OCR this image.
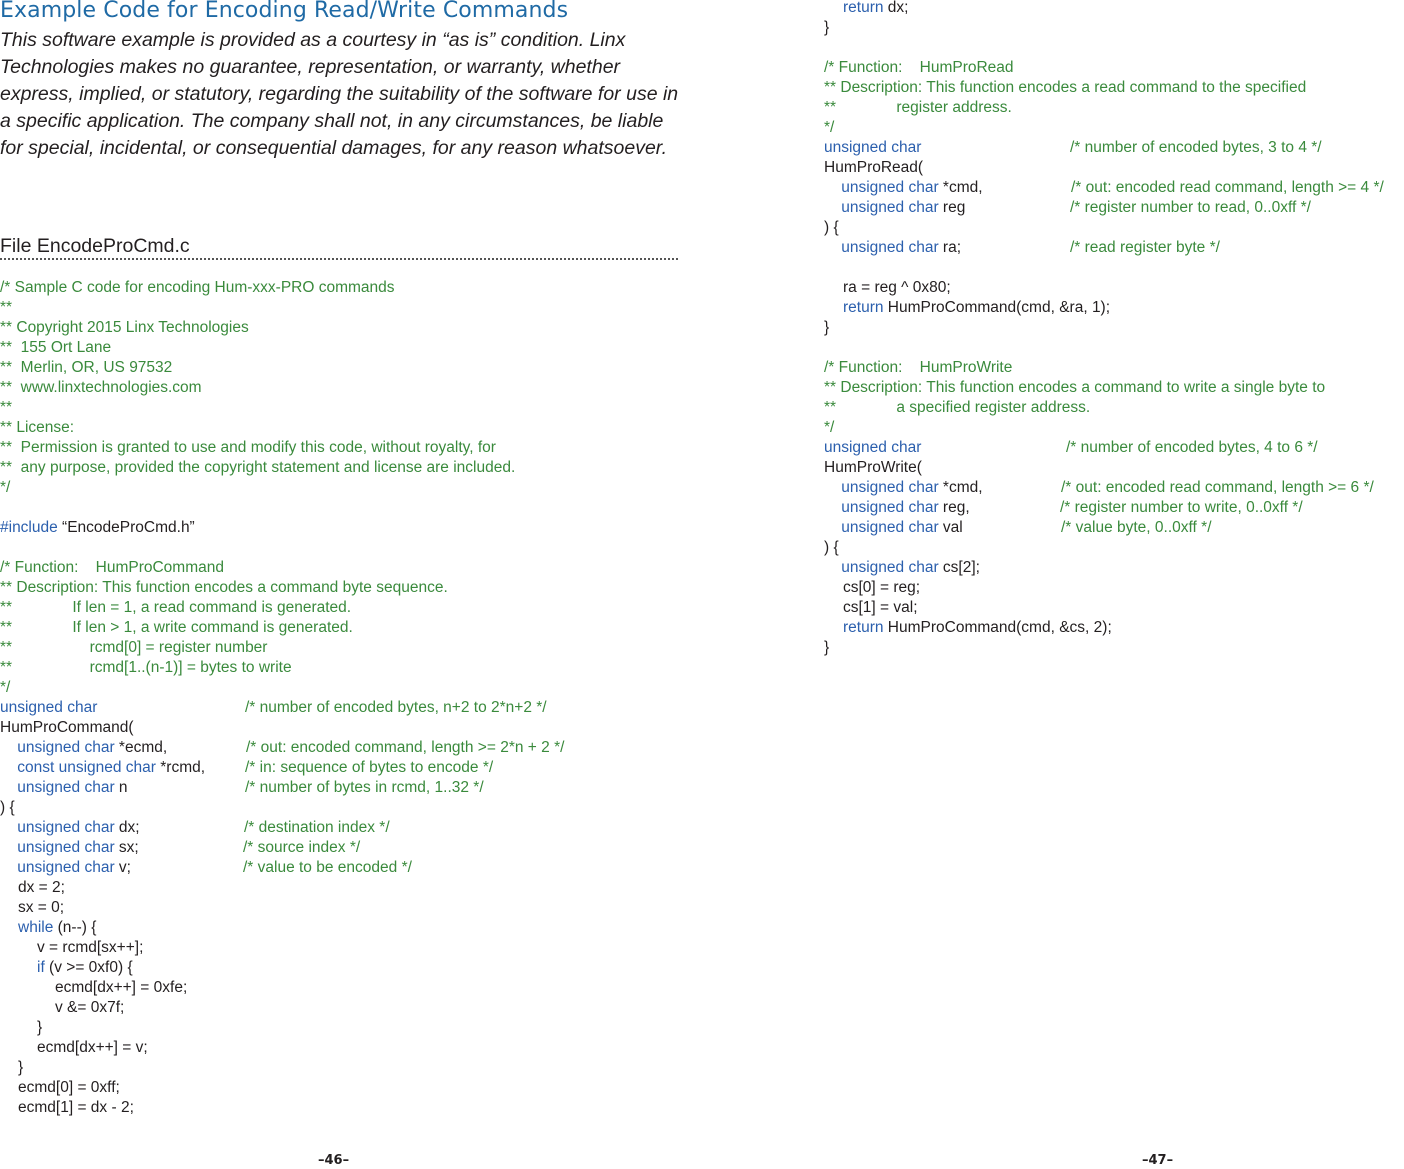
Example Code for Encoding Read/Write Commands

This software example is provided as a courtesy in “as is” condition. Linx Technologies makes no guarantee, representation, or warranty, whether express, implied, or statutory, regarding the suitability of the software for use in a specific application. The company shall not, in any circumstances, be liable for special, incidental, or consequential damages, for any reason whatsoever.

File EncodeProCmd.c
/* Sample C code for encoding Hum-xxx-PRO commands
**
** Copyright 2015 Linx Technologies
**  155 Ort Lane
**  Merlin, OR, US 97532
**  www.linxtechnologies.com
**
** License:
**  Permission is granted to use and modify this code, without royalty, for
**  any purpose, provided the copyright statement and license are included.
*/
#include “EncodeProCmd.h”
/* Function:    HumProCommand
** Description: This function encodes a command byte sequence.
**              If len = 1, a read command is generated.
**              If len > 1, a write command is generated.
**                  rcmd[0] = register number
**                  rcmd[1..(n-1)] = bytes to write
*/
unsigned char	/* number of encoded bytes, n+2 to 2*n+2 */
HumProCommand(
unsigned char *ecmd,	/* out: encoded command, length >= 2*n + 2 */
const unsigned char *rcmd,	/* in: sequence of bytes to encode */
unsigned char n	/* number of bytes in rcmd, 1..32 */
) {
unsigned char dx;	/* destination index */
unsigned char sx;	/* source index */
unsigned char v;	/* value to be encoded */
dx = 2;
sx = 0;
while (n--) {
v = rcmd[sx++];
if (v >= 0xf0) {
ecmd[dx++] = 0xfe;
v &= 0x7f;
}
ecmd[dx++] = v;
}
ecmd[0] = 0xff;
ecmd[1] = dx - 2;

–46–

return dx;
}
/* Function:    HumProRead
** Description: This function encodes a read command to the specified
**              register address.
*/
unsigned char	/* number of encoded bytes, 3 to 4 */
HumProRead(
unsigned char *cmd,	/* out: encoded read command, length >= 4 */
unsigned char reg	/* register number to read, 0..0xff */
) {
unsigned char ra;	/* read register byte */
ra = reg ^ 0x80;
return HumProCommand(cmd, &ra, 1);
}
/* Function:    HumProWrite
** Description: This function encodes a command to write a single byte to
**              a specified register address.
*/
unsigned char	/* number of encoded bytes, 4 to 6 */
HumProWrite(
unsigned char *cmd,	/* out: encoded read command, length >= 6 */
unsigned char reg,	/* register number to write, 0..0xff */
unsigned char val	/* value byte, 0..0xff */
) {
unsigned char cs[2];
cs[0] = reg;
cs[1] = val;
return HumProCommand(cmd, &cs, 2);
}

–47–
